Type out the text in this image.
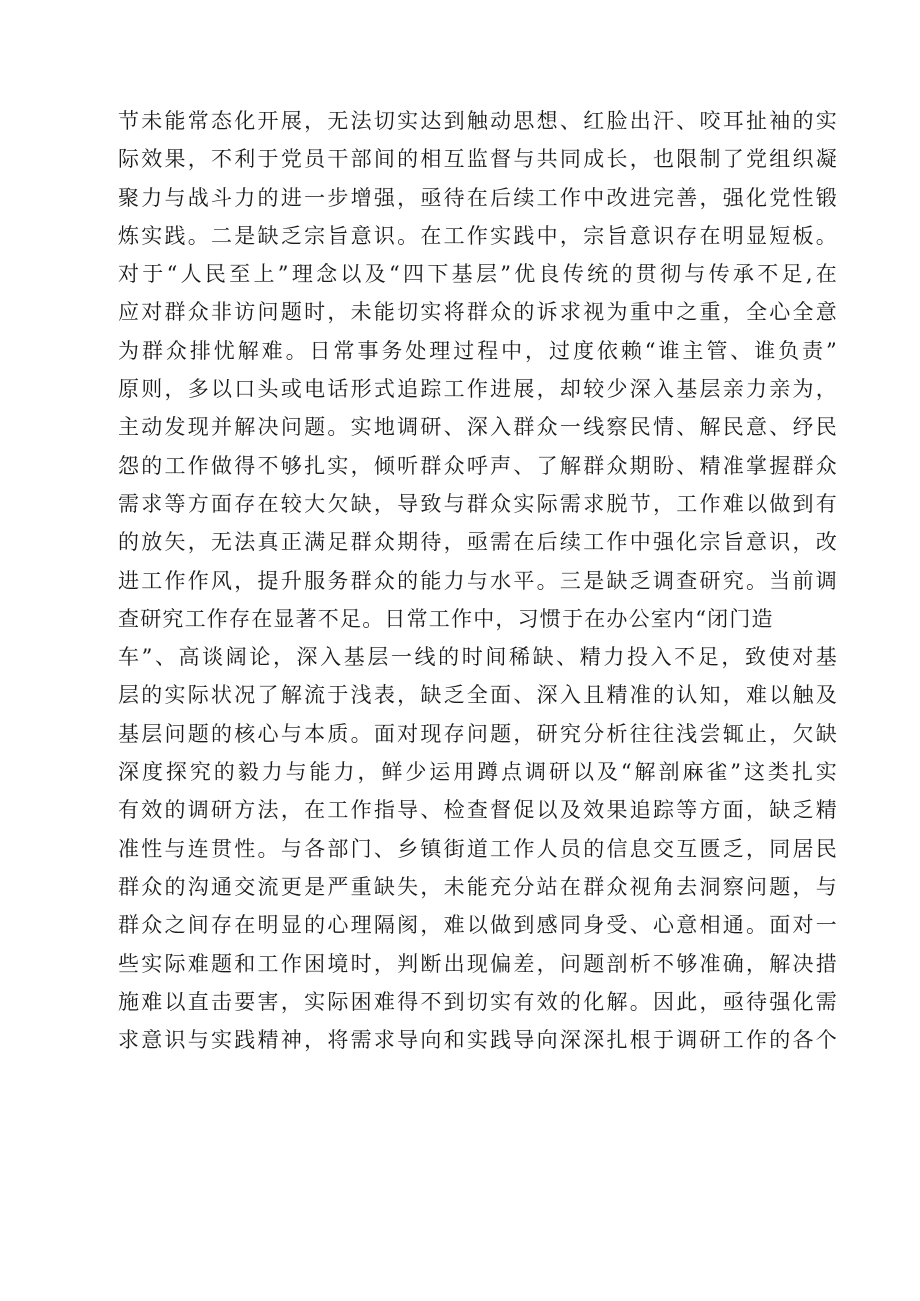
节未能常态化开展，无法切实达到触动思想、红脸出汗、咬耳扯袖的实
际效果，不利于党员干部间的相互监督与共同成长，也限制了党组织凝
聚力与战斗力的进一步增强，亟待在后续工作中改进完善，强化党性锻
炼实践。二是缺乏宗旨意识。在工作实践中，宗旨意识存在明显短板。
对于“人民至上”理念以及“四下基层”优良传统的贯彻与传承不足,在
应对群众非访问题时，未能切实将群众的诉求视为重中之重，全心全意
为群众排忧解难。日常事务处理过程中，过度依赖“谁主管、谁负责”
原则，多以口头或电话形式追踪工作进展，却较少深入基层亲力亲为，
主动发现并解决问题。实地调研、深入群众一线察民情、解民意、纾民
怨的工作做得不够扎实，倾听群众呼声、了解群众期盼、精准掌握群众
需求等方面存在较大欠缺，导致与群众实际需求脱节，工作难以做到有
的放矢，无法真正满足群众期待，亟需在后续工作中强化宗旨意识，改
进工作作风，提升服务群众的能力与水平。三是缺乏调查研究。当前调
查研究工作存在显著不足。日常工作中，习惯于在办公室内“闭门造
车”、高谈阔论，深入基层一线的时间稀缺、精力投入不足，致使对基
层的实际状况了解流于浅表，缺乏全面、深入且精准的认知，难以触及
基层问题的核心与本质。面对现存问题，研究分析往往浅尝辄止，欠缺
深度探究的毅力与能力，鲜少运用蹲点调研以及“解剖麻雀”这类扎实
有效的调研方法，在工作指导、检查督促以及效果追踪等方面，缺乏精
准性与连贯性。与各部门、乡镇街道工作人员的信息交互匮乏，同居民
群众的沟通交流更是严重缺失，未能充分站在群众视角去洞察问题，与
群众之间存在明显的心理隔阂，难以做到感同身受、心意相通。面对一
些实际难题和工作困境时，判断出现偏差，问题剖析不够准确，解决措
施难以直击要害，实际困难得不到切实有效的化解。因此，亟待强化需
求意识与实践精神，将需求导向和实践导向深深扎根于调研工作的各个
